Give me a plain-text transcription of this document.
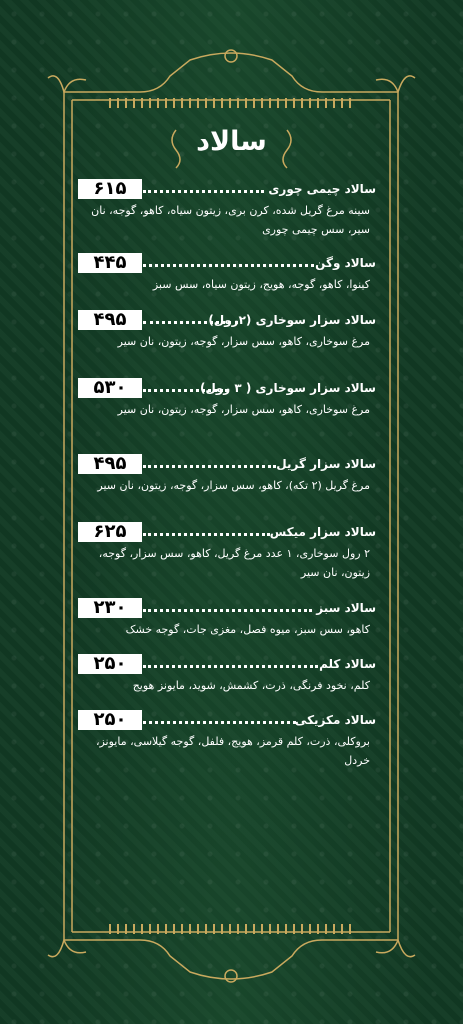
سالاد
سالاد چیمی چوری
۶۱۵
سینه مرغ گریل شده، کرن بری، زیتون سیاه، کاهو، گوجه، نان سیر، سس چیمی چوری
سالاد وگن
۴۴۵
کینوا، کاهو، گوجه، هویج، زیتون سیاه، سس سبز
سالاد سزار سوخاری (۲رول)
۴۹۵
مرغ سوخاری، کاهو، سس سزار، گوجه، زیتون، نان سیر
سالاد سزار سوخاری ( ۳ رول)
۵۳۰
مرغ سوخاری، کاهو، سس سزار، گوجه، زیتون، نان سیر
سالاد سزار گریل
۴۹۵
مرغ گریل (۲ تکه)، کاهو، سس سزار، گوجه، زیتون، نان سیر
سالاد سزار میکس
۶۲۵
۲ رول سوخاری، ۱ عدد مرغ گریل، کاهو، سس سزار، گوجه، زیتون، نان سیر
سالاد سبز
۲۳۰
کاهو، سس سبز، میوه فصل، مغزی جات، گوجه خشک
سالاد کلم
۲۵۰
کلم، نخود فرنگی، ذرت، کشمش، شوید، مایونز هویج
سالاد مکزیکی
۲۵۰
بروکلی، ذرت، کلم قرمز، هویج، فلفل، گوجه گیلاسی، مایونز، خردل
